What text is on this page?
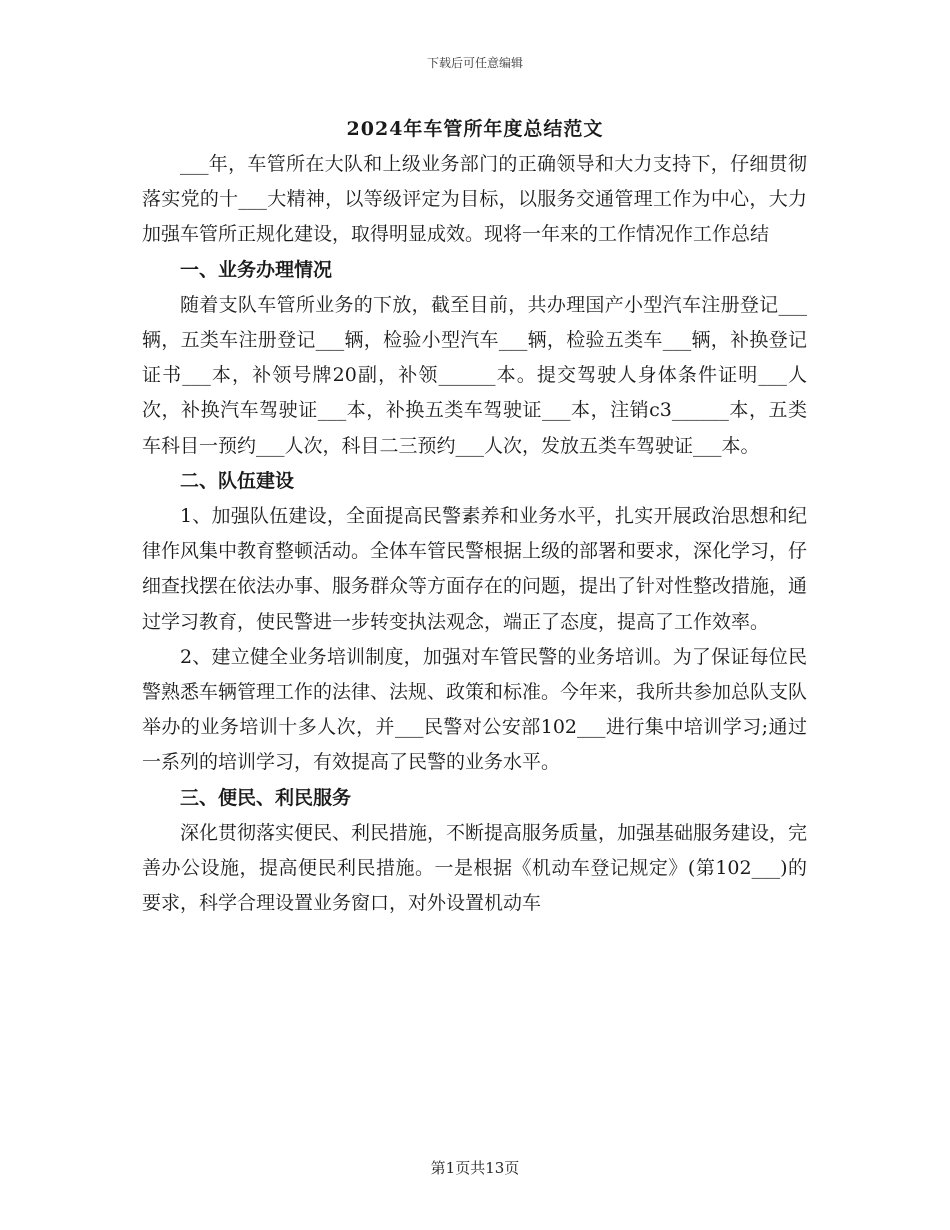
下载后可任意编辑
2024年车管所年度总结范文

___年，车管所在大队和上级业务部门的正确领导和大力支持下，仔细贯彻落实党的十___大精神，以等级评定为目标，以服务交通管理工作为中心，大力加强车管所正规化建设，取得明显成效。现将一年来的工作情况作工作总结

一、业务办理情况

随着支队车管所业务的下放，截至目前，共办理国产小型汽车注册登记___辆，五类车注册登记___辆，检验小型汽车___辆，检验五类车___辆，补换登记证书___本，补领号牌20副，补领______本。提交驾驶人身体条件证明___人次，补换汽车驾驶证___本，补换五类车驾驶证___本，注销c3______本，五类车科目一预约___人次，科目二三预约___人次，发放五类车驾驶证___本。

二、队伍建设

1、加强队伍建设，全面提高民警素养和业务水平，扎实开展政治思想和纪律作风集中教育整顿活动。全体车管民警根据上级的部署和要求，深化学习，仔细查找摆在依法办事、服务群众等方面存在的问题，提出了针对性整改措施，通过学习教育，使民警进一步转变执法观念，端正了态度，提高了工作效率。

2、建立健全业务培训制度，加强对车管民警的业务培训。为了保证每位民警熟悉车辆管理工作的法律、法规、政策和标准。今年来，我所共参加总队支队举办的业务培训十多人次，并___民警对公安部102___进行集中培训学习;通过一系列的培训学习，有效提高了民警的业务水平。

三、便民、利民服务

深化贯彻落实便民、利民措施，不断提高服务质量，加强基础服务建设，完善办公设施，提高便民利民措施。一是根据《机动车登记规定》(第102___)的要求，科学合理设置业务窗口，对外设置机动车

第1页共13页
